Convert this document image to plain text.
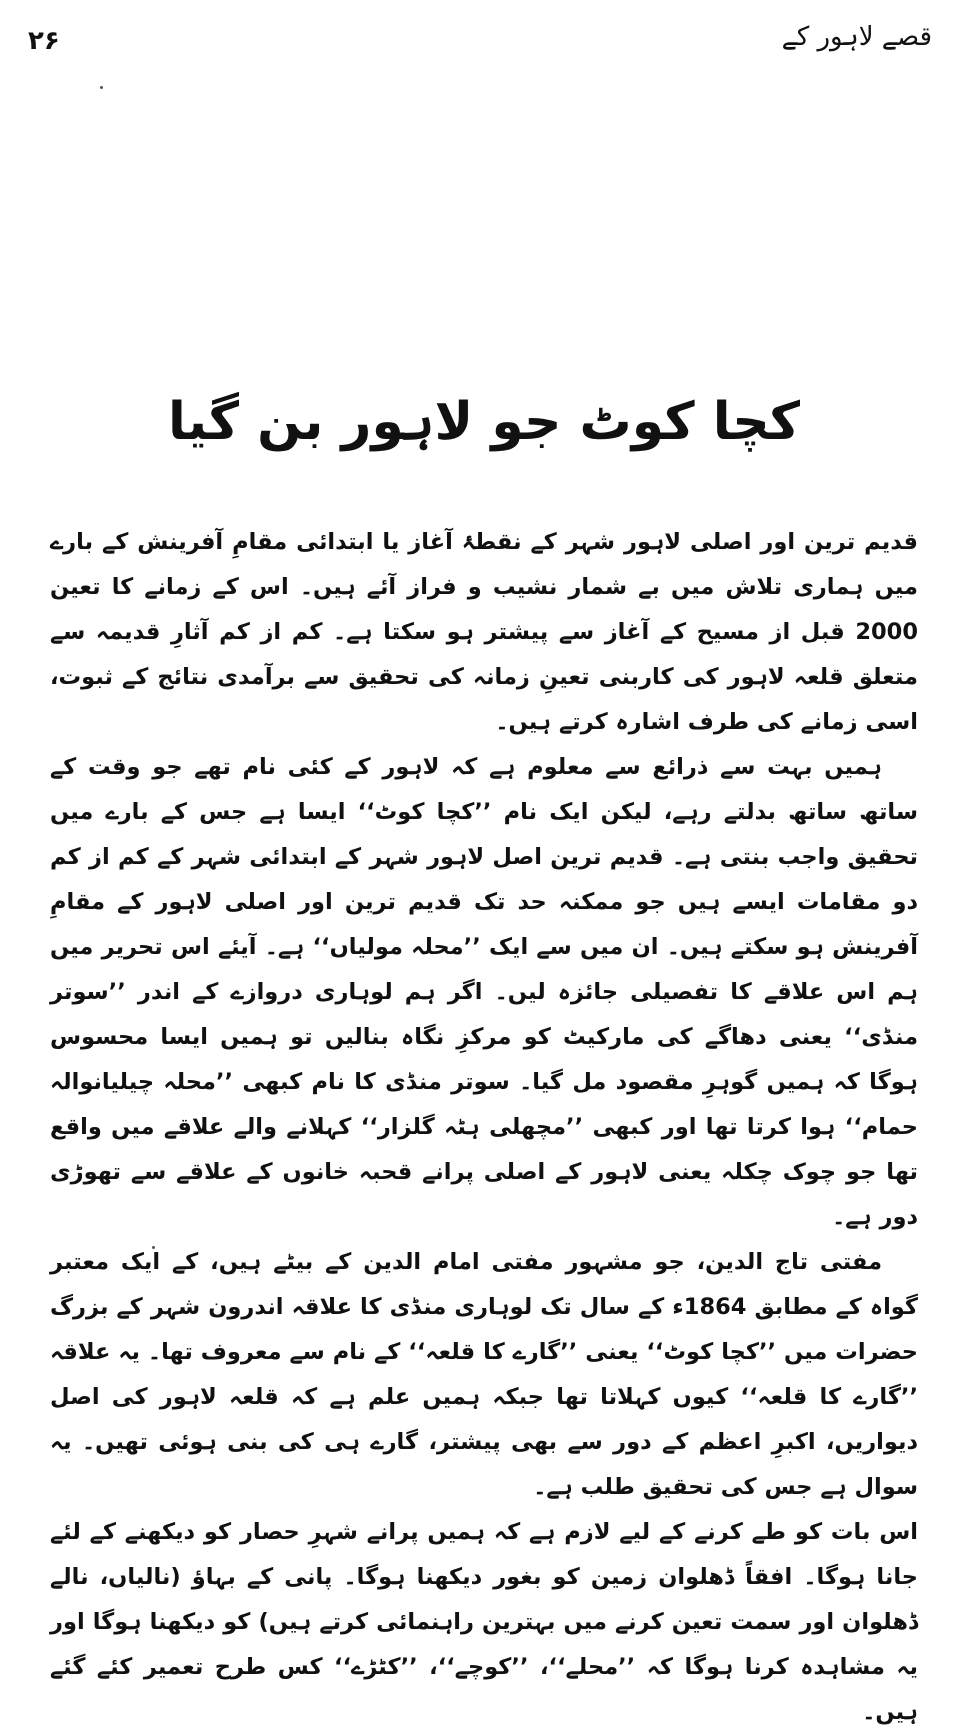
۲۶	قصے لاہور کے
کچا کوٹ جو لاہور بن گیا

قدیم ترین اور اصلی لاہور شہر کے نقطۂ آغاز یا ابتدائی مقامِ آفرینش کے بارے میں ہماری تلاش میں بے شمار نشیب و فراز آئے ہیں۔ اس کے زمانے کا تعین 2000 قبل از مسیح کے آغاز سے پیشتر ہو سکتا ہے۔ کم از کم آثارِ قدیمہ سے متعلق قلعہ لاہور کی کاربنی تعینِ زمانہ کی تحقیق سے برآمدی نتائج کے ثبوت، اسی زمانے کی طرف اشارہ کرتے ہیں۔

ہمیں بہت سے ذرائع سے معلوم ہے کہ لاہور کے کئی نام تھے جو وقت کے ساتھ ساتھ بدلتے رہے، لیکن ایک نام ’’کچا کوٹ‘‘ ایسا ہے جس کے بارے میں تحقیق واجب بنتی ہے۔ قدیم ترین اصل لاہور شہر کے ابتدائی شہر کے کم از کم دو مقامات ایسے ہیں جو ممکنہ حد تک قدیم ترین اور اصلی لاہور کے مقامِ آفرینش ہو سکتے ہیں۔ ان میں سے ایک ’’محلہ مولیاں‘‘ ہے۔ آیئے اس تحریر میں ہم اس علاقے کا تفصیلی جائزہ لیں۔ اگر ہم لوہاری دروازے کے اندر ’’سوتر منڈی‘‘ یعنی دھاگے کی مارکیٹ کو مرکزِ نگاہ بنالیں تو ہمیں ایسا محسوس ہوگا کہ ہمیں گوہرِ مقصود مل گیا۔ سوتر منڈی کا نام کبھی ’’محلہ چیلیانوالہ حمام‘‘ ہوا کرتا تھا اور کبھی ’’مچھلی ہٹہ گلزار‘‘ کہلانے والے علاقے میں واقع تھا جو چوک چکلہ یعنی لاہور کے اصلی پرانے قحبہ خانوں کے علاقے سے تھوڑی دور ہے۔

مفتی تاج الدین، جو مشہور مفتی امام الدین کے بیٹے ہیں، کے ایک معتبر گواہ کے مطابق 1864ء کے سال تک لوہاری منڈی کا علاقہ اندرون شہر کے بزرگ حضرات میں ’’کچا کوٹ‘‘ یعنی ’’گارے کا قلعہ‘‘ کے نام سے معروف تھا۔ یہ علاقہ ’’گارے کا قلعہ‘‘ کیوں کہلاتا تھا جبکہ ہمیں علم ہے کہ قلعہ لاہور کی اصل دیواریں، اکبرِ اعظم کے دور سے بھی پیشتر، گارے ہی کی بنی ہوئی تھیں۔ یہ سوال ہے جس کی تحقیق طلب ہے۔

اس بات کو طے کرنے کے لیے لازم ہے کہ ہمیں پرانے شہرِ حصار کو دیکھنے کے لئے جانا ہوگا۔ افقاً ڈھلوان زمین کو بغور دیکھنا ہوگا۔ پانی کے بہاؤ (نالیاں، نالے ڈھلوان اور سمت تعین کرنے میں بہترین راہنمائی کرتے ہیں) کو دیکھنا ہوگا اور یہ مشاہدہ کرنا ہوگا کہ ’’محلے‘‘، ’’کوچے‘‘، ’’کٹڑے‘‘ کس طرح تعمیر کئے گئے ہیں۔
